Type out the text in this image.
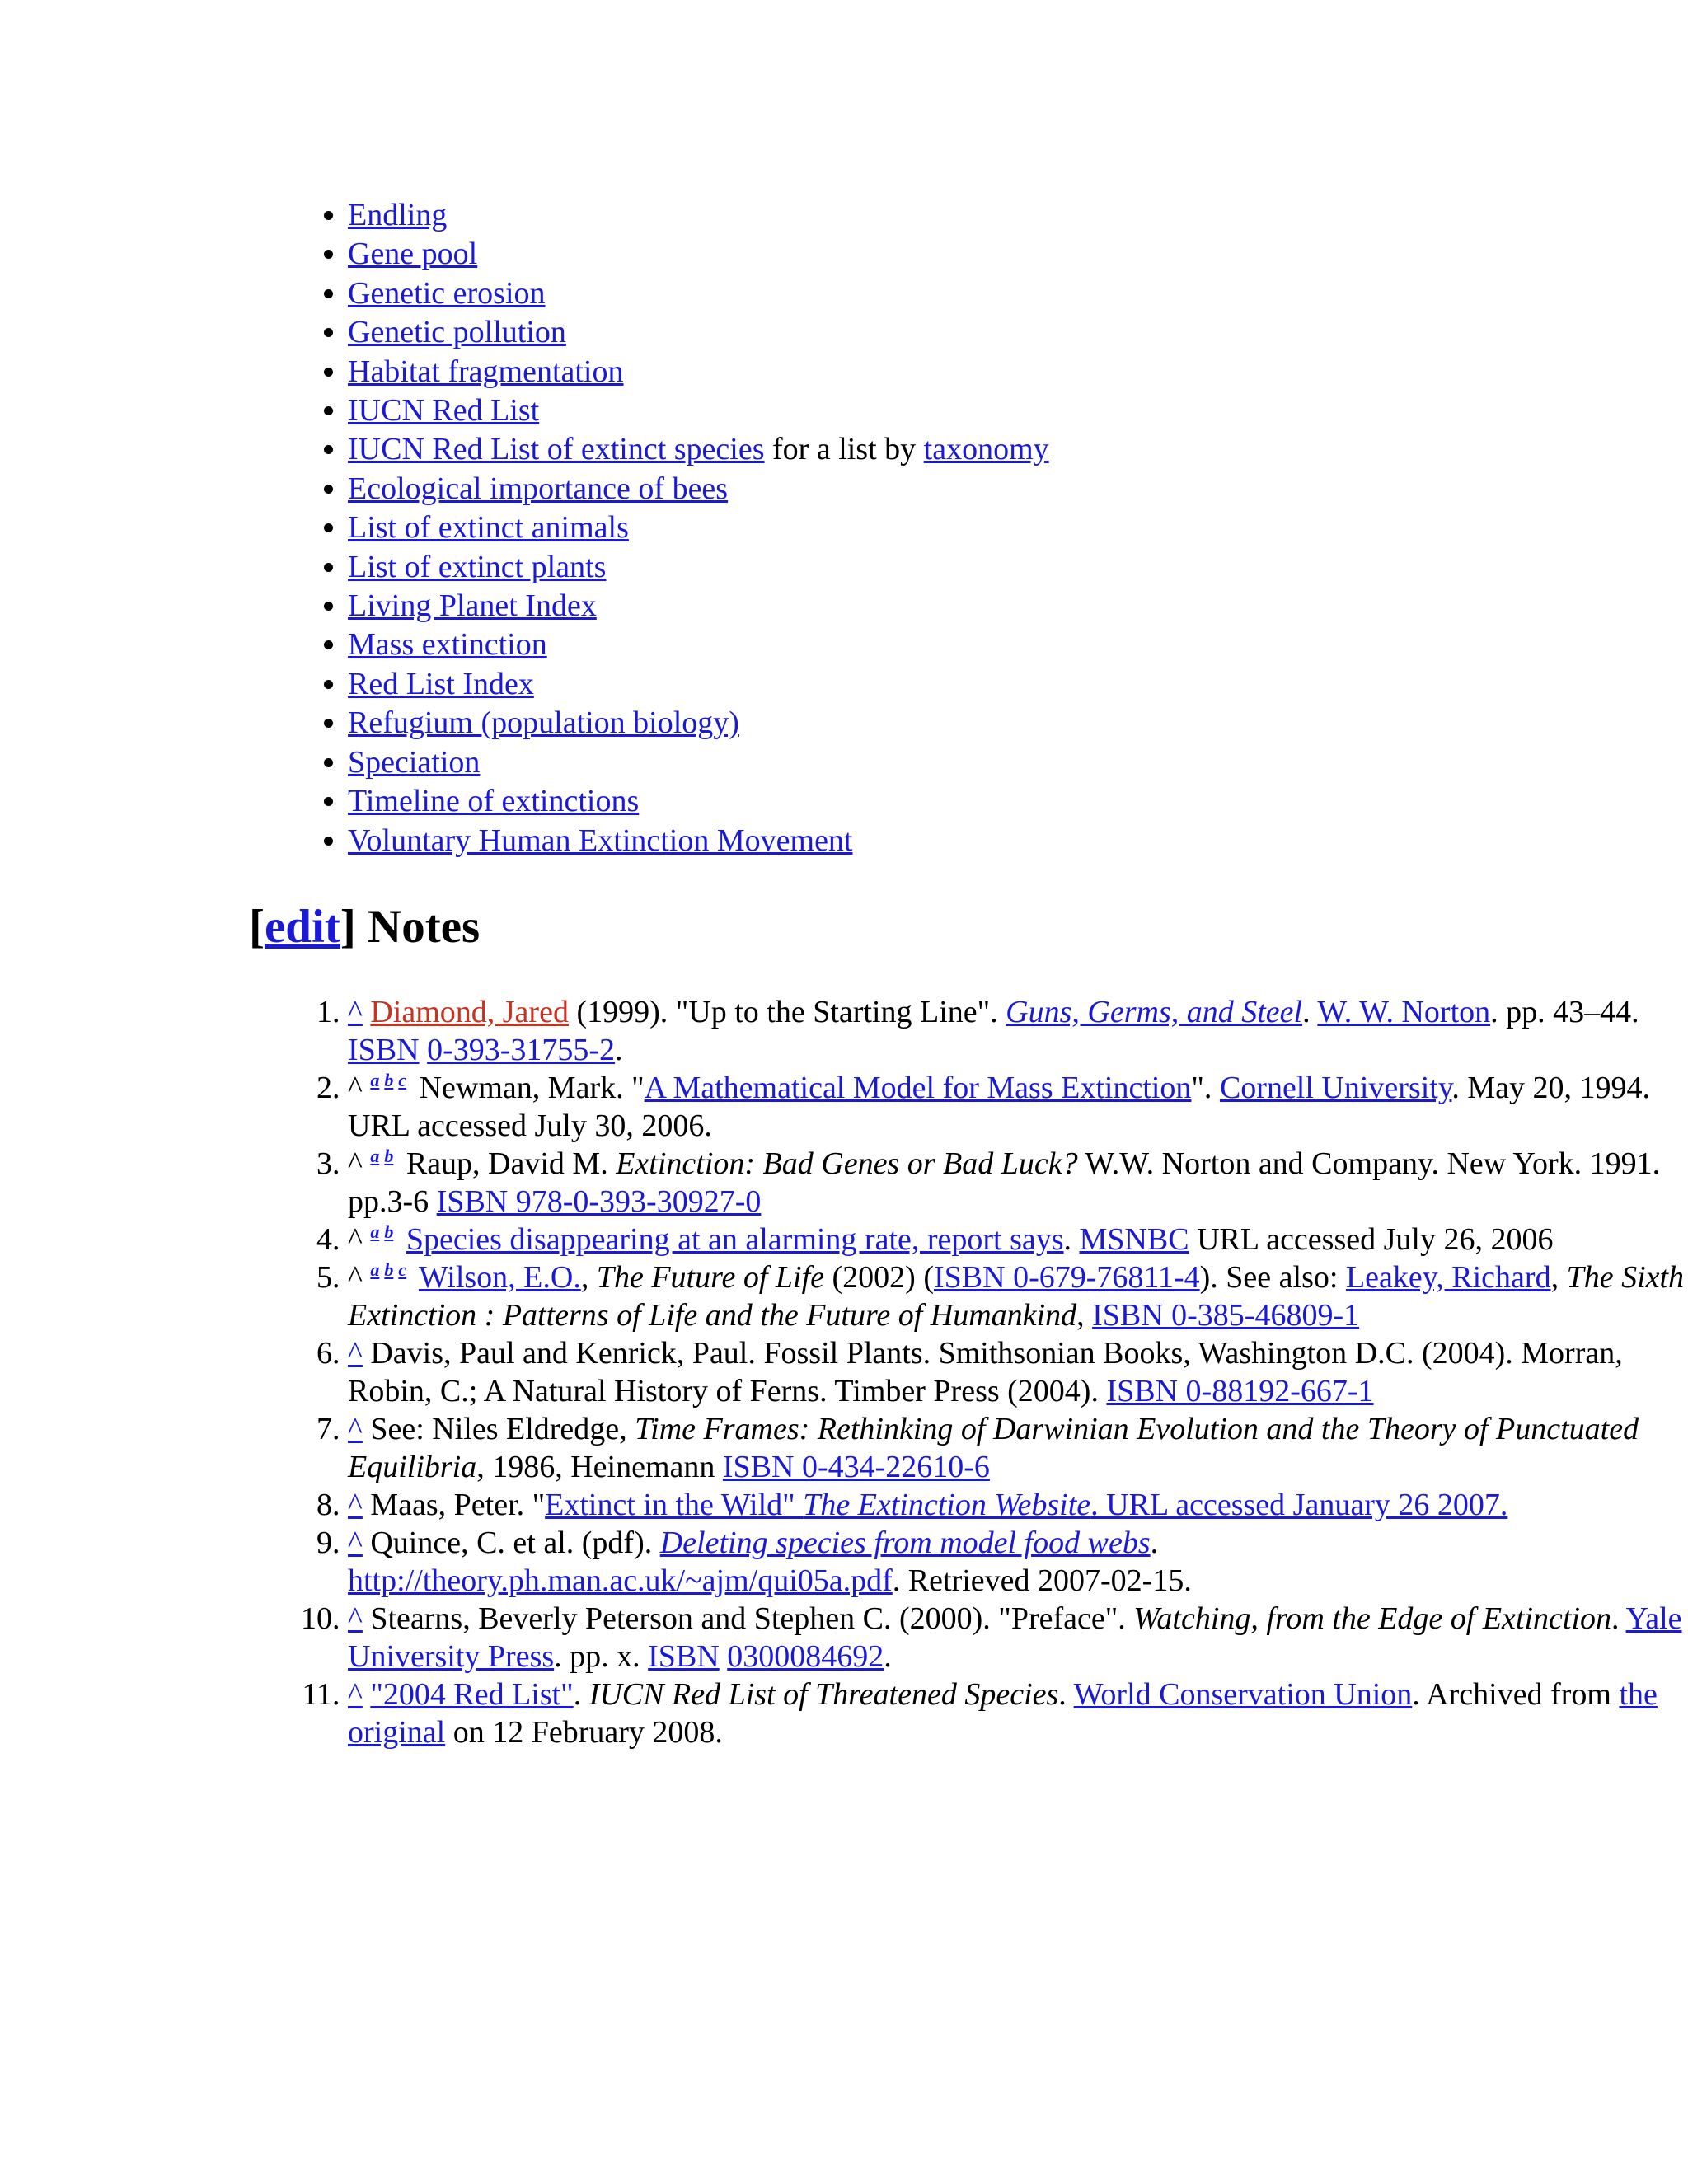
• Endling
• Gene pool
• Genetic erosion
• Genetic pollution
• Habitat fragmentation
• IUCN Red List
• IUCN Red List of extinct species for a list by taxonomy
• Ecological importance of bees
• List of extinct animals
• List of extinct plants
• Living Planet Index
• Mass extinction
• Red List Index
• Refugium (population biology)
• Speciation
• Timeline of extinctions
• Voluntary Human Extinction Movement
[edit] Notes
1. ^ Diamond, Jared (1999). "Up to the Starting Line". Guns, Germs, and Steel. W. W. Norton. pp. 43–44. ISBN 0-393-31755-2.
2. ^ $^{a b c}$ Newman, Mark. "A Mathematical Model for Mass Extinction". Cornell University. May 20, 1994. URL accessed July 30, 2006.
3. ^ $^{a b}$ Raup, David M. Extinction: Bad Genes or Bad Luck? W.W. Norton and Company. New York. 1991. pp.3-6 ISBN 978-0-393-30927-0
4. ^ $^{a b}$ Species disappearing at an alarming rate, report says. MSNBC URL accessed July 26, 2006
5. ^ $^{a b c}$ Wilson, E.O., The Future of Life (2002) (ISBN 0-679-76811-4). See also: Leakey, Richard, The Sixth Extinction : Patterns of Life and the Future of Humankind, ISBN 0-385-46809-1
6. ^ Davis, Paul and Kenrick, Paul. Fossil Plants. Smithsonian Books, Washington D.C. (2004). Morran, Robin, C.; A Natural History of Ferns. Timber Press (2004). ISBN 0-88192-667-1
7. ^ See: Niles Eldredge, Time Frames: Rethinking of Darwinian Evolution and the Theory of Punctuated Equilibria, 1986, Heinemann ISBN 0-434-22610-6
8. ^ Maas, Peter. "Extinct in the Wild" The Extinction Website. URL accessed January 26 2007.
9. ^ Quince, C. et al. (pdf). Deleting species from model food webs. http://theory.ph.man.ac.uk/~ajm/qui05a.pdf. Retrieved 2007-02-15.
10. ^ Stearns, Beverly Peterson and Stephen C. (2000). "Preface". Watching, from the Edge of Extinction. Yale University Press. pp. x. ISBN 0300084692.
11. ^ "2004 Red List". IUCN Red List of Threatened Species. World Conservation Union. Archived from the original on 12 February 2008.
